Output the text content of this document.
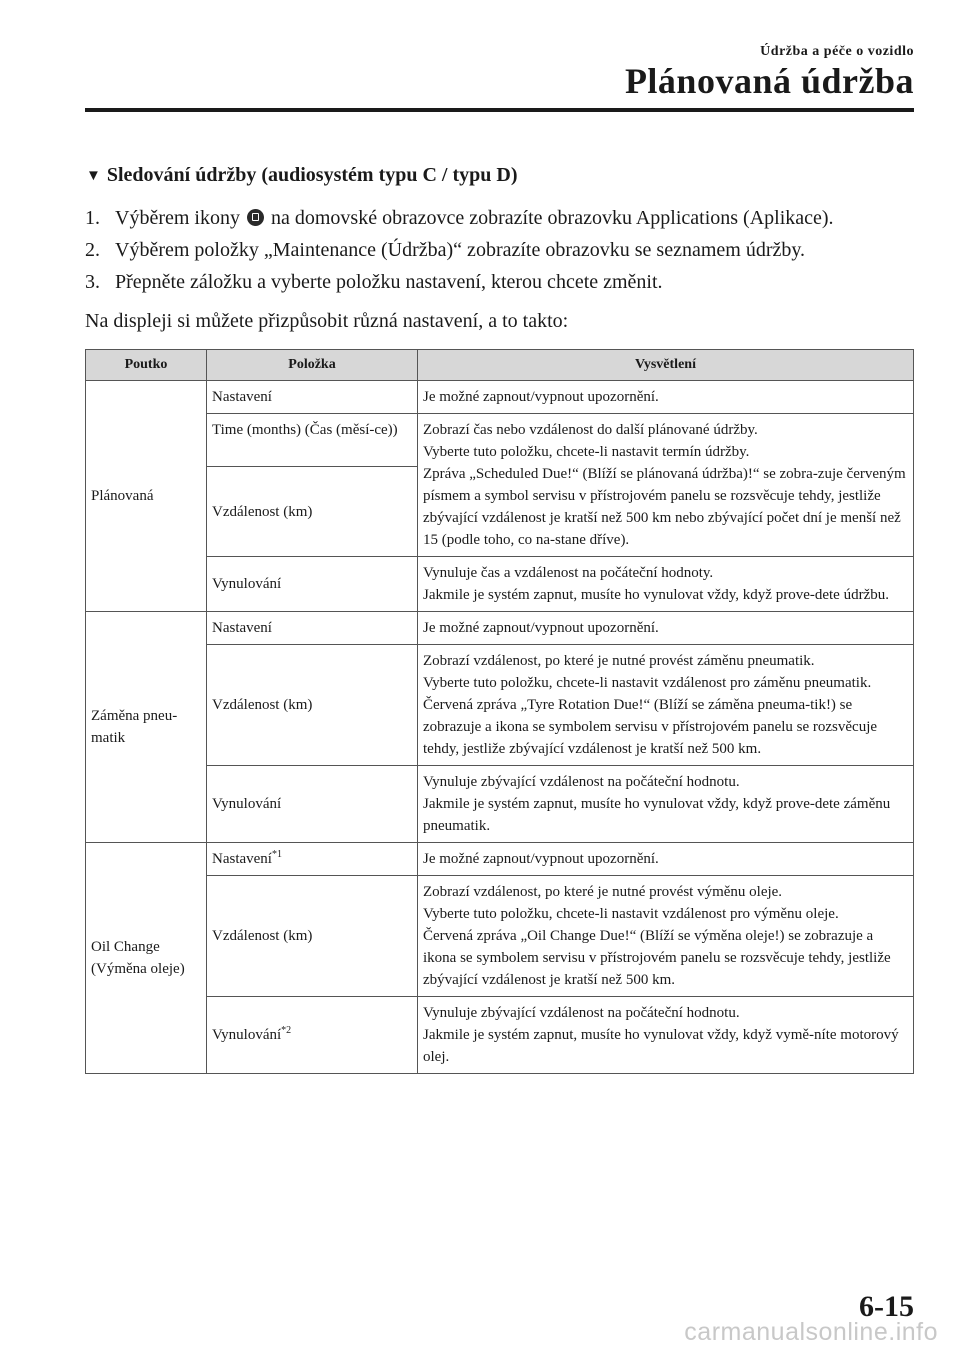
Údržba a péče o vozidlo
Plánovaná údržba
▼ Sledování údržby (audiosystém typu C / typu D)
1. Výběrem ikony na domovské obrazovce zobrazíte obrazovku Applications (Aplikace).
2. Výběrem položky „Maintenance (Údržba)“ zobrazíte obrazovku se seznamem údržby.
3. Přepněte záložku a vyberte položku nastavení, kterou chcete změnit.
Na displeji si můžete přizpůsobit různá nastavení, a to takto:
Poutko	Položka	Vysvětlení
Plánovaná	Nastavení	Je možné zapnout/vypnout upozornění.

	Time (months) (Čas (měsí-ce))	Zobrazí čas nebo vzdálenost do další plánované údržby.
Vyberte tuto položku, chcete-li nastavit termín údržby.
Zpráva „Scheduled Due!“ (Blíží se plánovaná údržba)!“ se zobra-zuje červeným písmem a symbol servisu v přístrojovém panelu se rozsvěcuje tehdy, jestliže zbývající vzdálenost je kratší než 500 km nebo zbývající počet dní je menší než 15 (podle toho, co na-stane dříve).

	Vzdálenost (km)	
	Vynulování	Vynuluje čas a vzdálenost na počáteční hodnoty.
Jakmile je systém zapnut, musíte ho vynulovat vždy, když prove-dete údržbu.

Záměna pneu-matik	Nastavení	Je možné zapnout/vypnout upozornění.

	Vzdálenost (km)	Zobrazí vzdálenost, po které je nutné provést záměnu pneumatik.
Vyberte tuto položku, chcete-li nastavit vzdálenost pro záměnu pneumatik.
Červená zpráva „Tyre Rotation Due!“ (Blíží se záměna pneuma-tik!) se zobrazuje a ikona se symbolem servisu v přístrojovém panelu se rozsvěcuje tehdy, jestliže zbývající vzdálenost je kratší než 500 km.

	Vynulování	Vynuluje zbývající vzdálenost na počáteční hodnotu.
Jakmile je systém zapnut, musíte ho vynulovat vždy, když prove-dete záměnu pneumatik.

Oil Change (Výměna oleje)	Nastavení$^{*1}$	Je možné zapnout/vypnout upozornění.

	Vzdálenost (km)	Zobrazí vzdálenost, po které je nutné provést výměnu oleje.
Vyberte tuto položku, chcete-li nastavit vzdálenost pro výměnu oleje.
Červená zpráva „Oil Change Due!“ (Blíží se výměna oleje!) se zobrazuje a ikona se symbolem servisu v přístrojovém panelu se rozsvěcuje tehdy, jestliže zbývající vzdálenost je kratší než 500 km.

	Vynulování$^{*2}$	Vynuluje zbývající vzdálenost na počáteční hodnotu.
Jakmile je systém zapnut, musíte ho vynulovat vždy, když vymě-níte motorový olej.
6-15
carmanualsonline.info
